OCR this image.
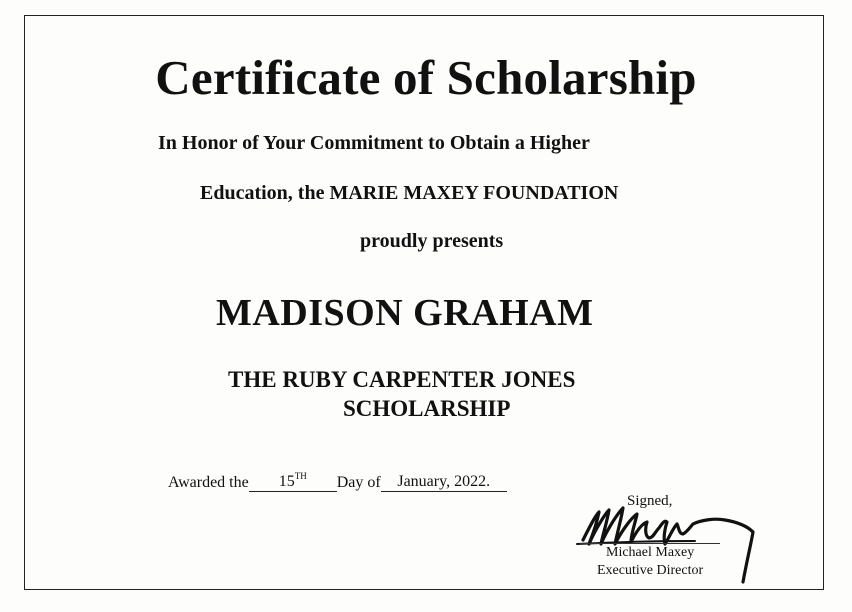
Certificate of Scholarship
In Honor of Your Commitment to Obtain a Higher
Education, the MARIE MAXEY FOUNDATION
proudly presents
MADISON GRAHAM
THE RUBY CARPENTER JONES
SCHOLARSHIP
Awarded the	15TH	Day of	January, 2022.
Signed,
Michael Maxey
Executive Director
